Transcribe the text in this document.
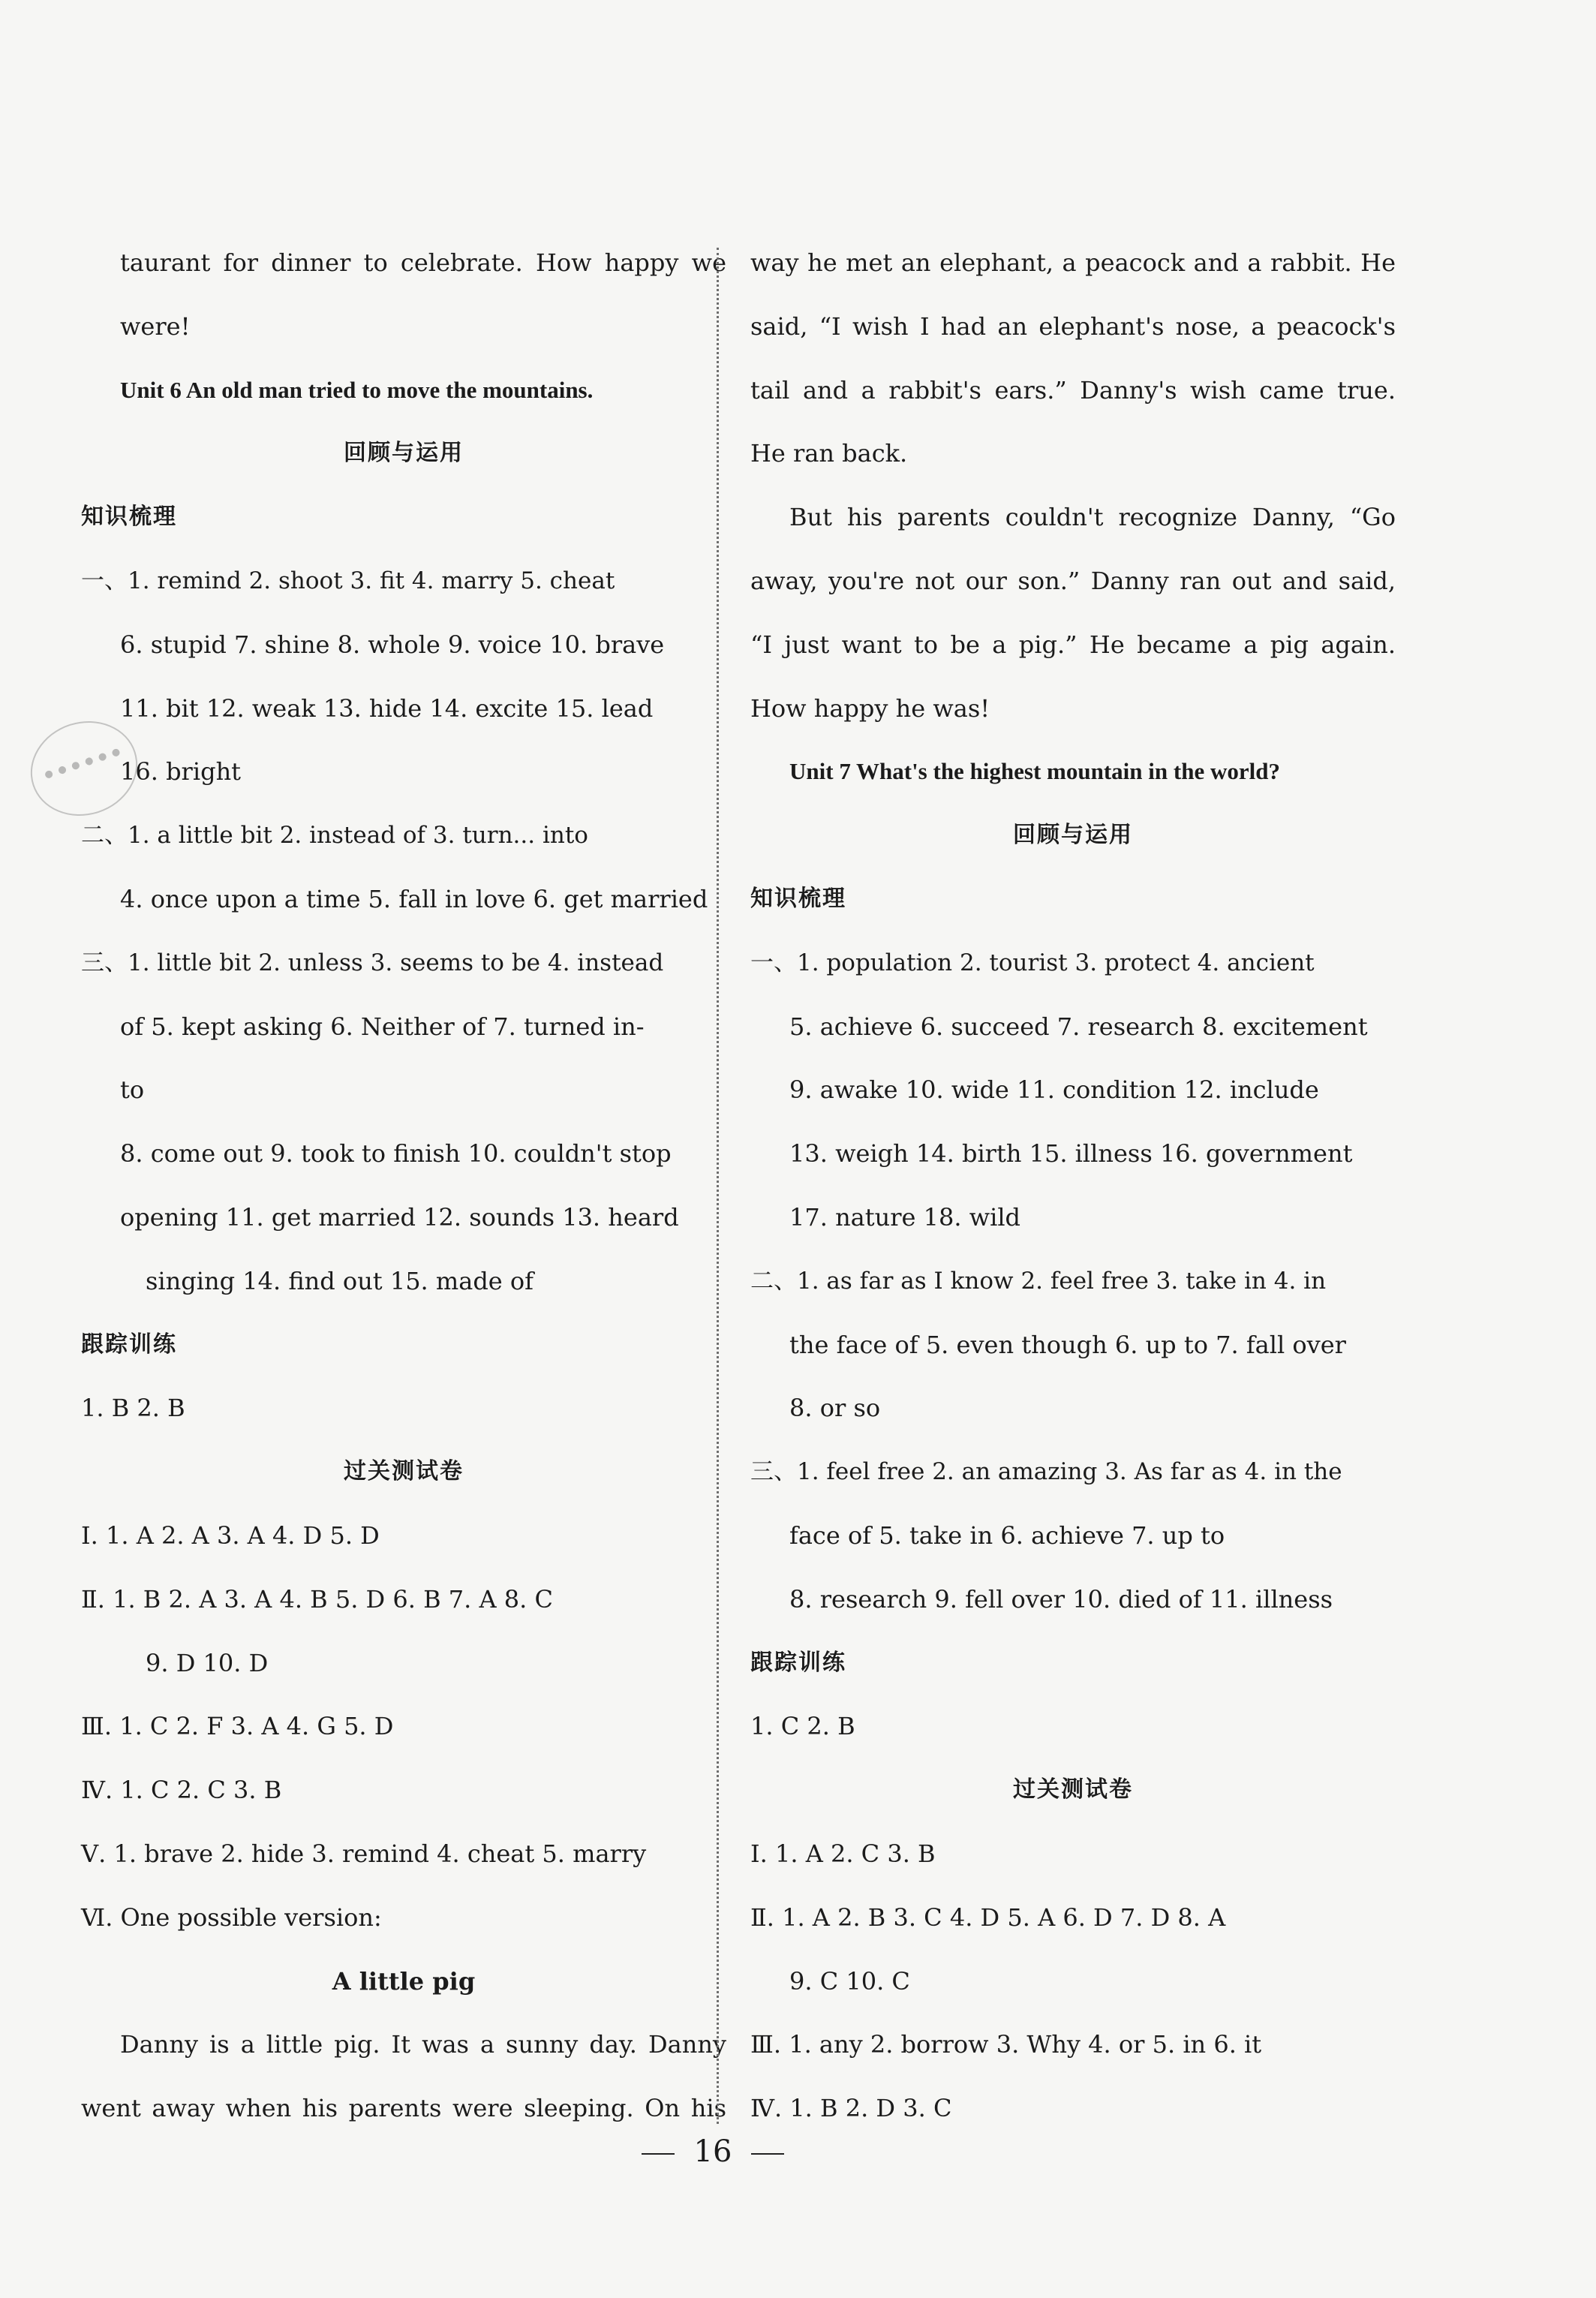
taurant for dinner to celebrate. How happy we
were!
Unit 6 An old man tried to move the mountains.
回顾与运用
知识梳理
一、1. remind 2. shoot 3. fit 4. marry 5. cheat
6. stupid 7. shine 8. whole 9. voice 10. brave
11. bit 12. weak 13. hide 14. excite 15. lead
16. bright
二、1. a little bit 2. instead of 3. turn... into
4. once upon a time 5. fall in love 6. get married
三、1. little bit 2. unless 3. seems to be 4. instead
of 5. kept asking 6. Neither of 7. turned in-
to
8. come out 9. took to finish 10. couldn't stop
opening 11. get married 12. sounds 13. heard
singing 14. find out 15. made of
跟踪训练
1. B 2. B
过关测试卷
Ⅰ. 1. A 2. A 3. A 4. D 5. D
Ⅱ. 1. B 2. A 3. A 4. B 5. D 6. B 7. A 8. C
9. D 10. D
Ⅲ. 1. C 2. F 3. A 4. G 5. D
Ⅳ. 1. C 2. C 3. B
Ⅴ. 1. brave 2. hide 3. remind 4. cheat 5. marry
Ⅵ. One possible version:
A little pig
Danny is a little pig. It was a sunny day. Danny
went away when his parents were sleeping. On his
way he met an elephant, a peacock and a rabbit. He
said, “I wish I had an elephant's nose, a peacock's
tail and a rabbit's ears.” Danny's wish came true.
He ran back.
But his parents couldn't recognize Danny, “Go
away, you're not our son.” Danny ran out and said,
“I just want to be a pig.” He became a pig again.
How happy he was!
Unit 7 What's the highest mountain in the world?
回顾与运用
知识梳理
一、1. population 2. tourist 3. protect 4. ancient
5. achieve 6. succeed 7. research 8. excitement
9. awake 10. wide 11. condition 12. include
13. weigh 14. birth 15. illness 16. government
17. nature 18. wild
二、1. as far as I know 2. feel free 3. take in 4. in
the face of 5. even though 6. up to 7. fall over
8. or so
三、1. feel free 2. an amazing 3. As far as 4. in the
face of 5. take in 6. achieve 7. up to
8. research 9. fell over 10. died of 11. illness
跟踪训练
1. C 2. B
过关测试卷
Ⅰ. 1. A 2. C 3. B
Ⅱ. 1. A 2. B 3. C 4. D 5. A 6. D 7. D 8. A
9. C 10. C
Ⅲ. 1. any 2. borrow 3. Why 4. or 5. in 6. it
Ⅳ. 1. B 2. D 3. C
16
